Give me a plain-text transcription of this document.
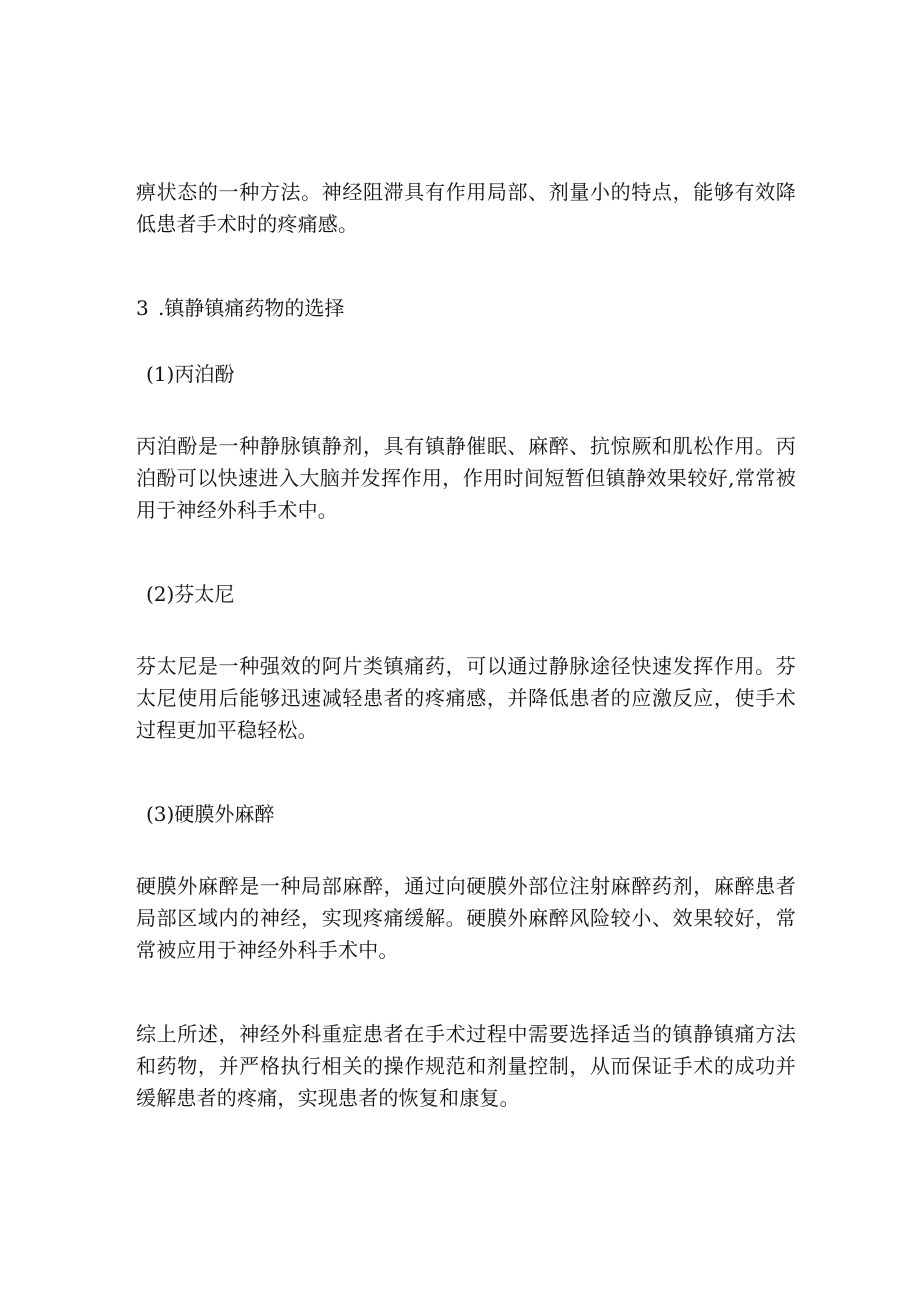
痹状态的一种方法。神经阻滞具有作用局部、剂量小的特点，能够有效降低患者手术时的疼痛感。

3 .镇静镇痛药物的选择

(1)丙泊酚

丙泊酚是一种静脉镇静剂，具有镇静催眠、麻醉、抗惊厥和肌松作用。丙泊酚可以快速进入大脑并发挥作用，作用时间短暂但镇静效果较好,常常被用于神经外科手术中。

(2)芬太尼

芬太尼是一种强效的阿片类镇痛药，可以通过静脉途径快速发挥作用。芬太尼使用后能够迅速减轻患者的疼痛感，并降低患者的应激反应，使手术过程更加平稳轻松。

(3)硬膜外麻醉

硬膜外麻醉是一种局部麻醉，通过向硬膜外部位注射麻醉药剂，麻醉患者局部区域内的神经，实现疼痛缓解。硬膜外麻醉风险较小、效果较好，常常被应用于神经外科手术中。

综上所述，神经外科重症患者在手术过程中需要选择适当的镇静镇痛方法和药物，并严格执行相关的操作规范和剂量控制，从而保证手术的成功并缓解患者的疼痛，实现患者的恢复和康复。
